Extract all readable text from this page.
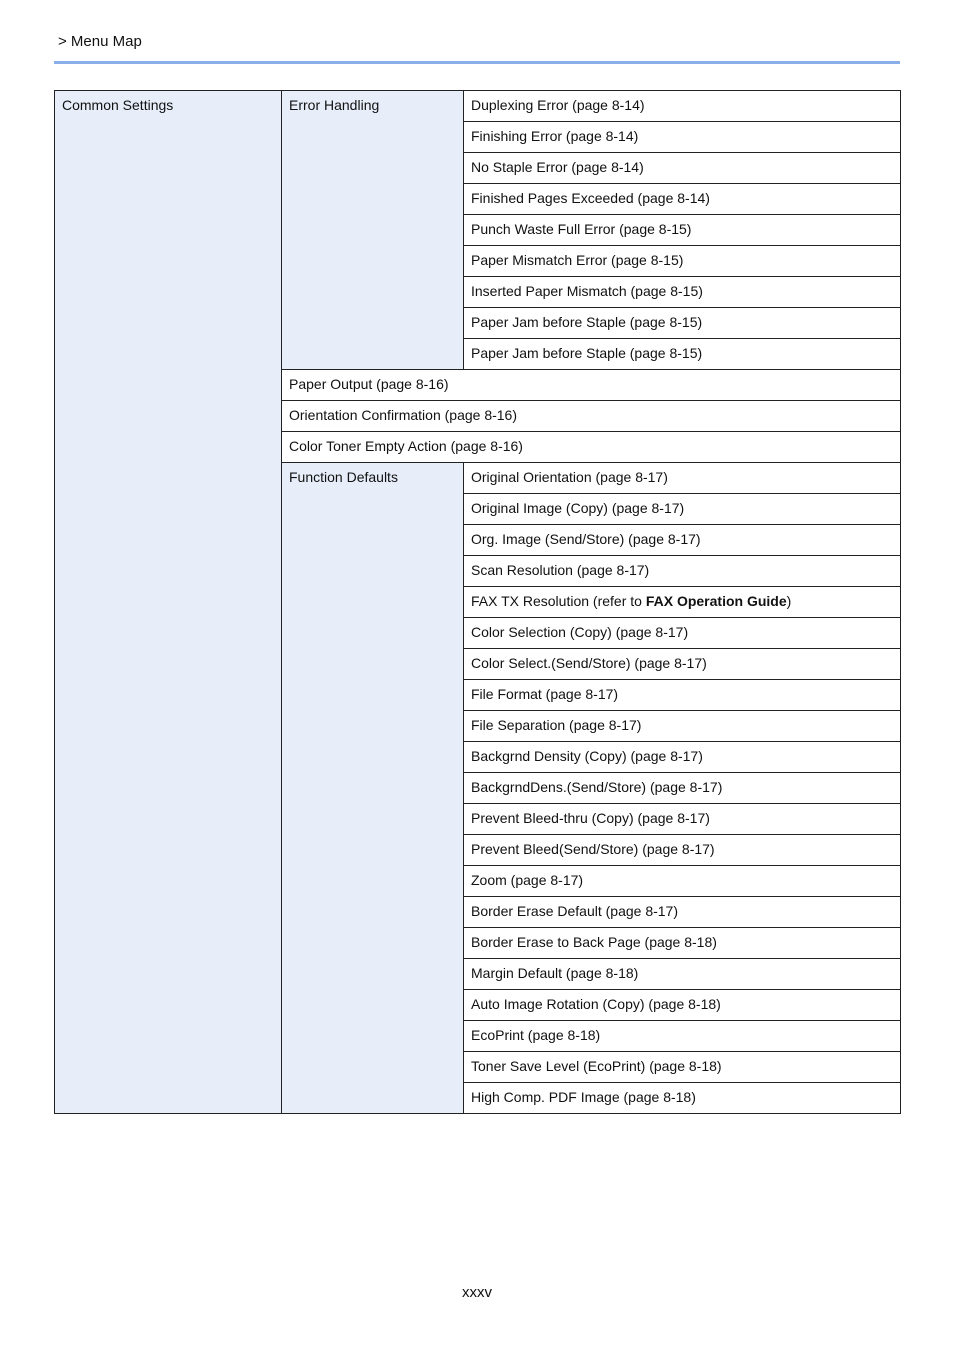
> Menu Map
Common Settings	Error Handling	Duplexing Error (page 8-14)
		Finishing Error (page 8-14)
		No Staple Error (page 8-14)
		Finished Pages Exceeded (page 8-14)
		Punch Waste Full Error (page 8-15)
		Paper Mismatch Error (page 8-15)
		Inserted Paper Mismatch (page 8-15)
		Paper Jam before Staple (page 8-15)
		Paper Jam before Staple (page 8-15)
	Paper Output (page 8-16)	
	Orientation Confirmation (page 8-16)	
	Color Toner Empty Action (page 8-16)	
	Function Defaults	Original Orientation (page 8-17)
		Original Image (Copy) (page 8-17)
		Org. Image (Send/Store) (page 8-17)
		Scan Resolution (page 8-17)
		FAX TX Resolution (refer to FAX Operation Guide)
		Color Selection (Copy) (page 8-17)
		Color Select.(Send/Store) (page 8-17)
		File Format (page 8-17)
		File Separation (page 8-17)
		Backgrnd Density (Copy) (page 8-17)
		BackgrndDens.(Send/Store) (page 8-17)
		Prevent Bleed-thru (Copy) (page 8-17)
		Prevent Bleed(Send/Store) (page 8-17)
		Zoom (page 8-17)
		Border Erase Default (page 8-17)
		Border Erase to Back Page (page 8-18)
		Margin Default (page 8-18)
		Auto Image Rotation (Copy) (page 8-18)
		EcoPrint (page 8-18)
		Toner Save Level (EcoPrint) (page 8-18)
		High Comp. PDF Image (page 8-18)
xxxv
